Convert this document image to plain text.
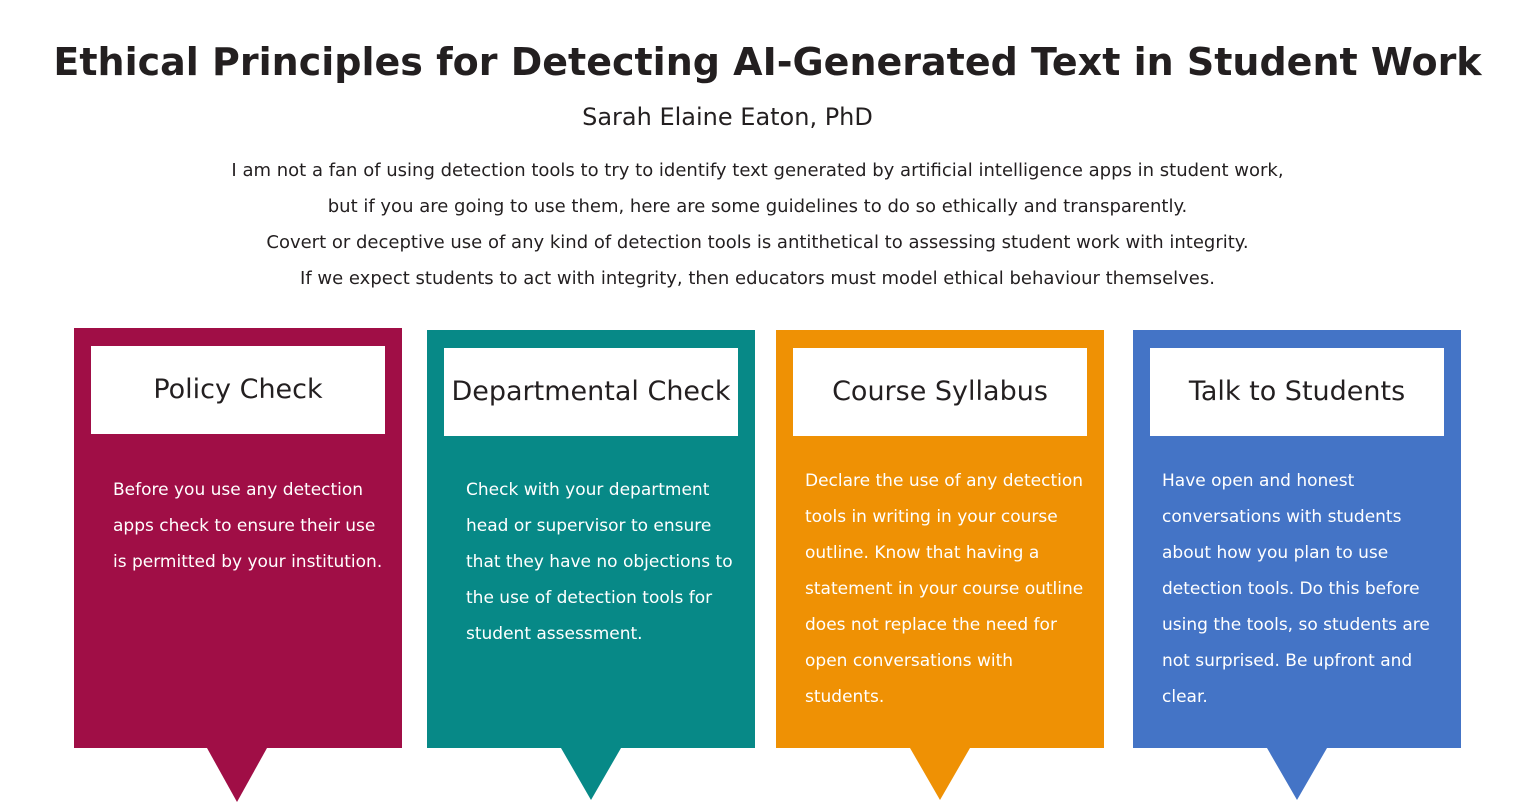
Ethical Principles for Detecting AI-Generated Text in Student Work
Sarah Elaine Eaton, PhD
I am not a fan of using detection tools to try to identify text generated by artificial intelligence apps in student work,
but if you are going to use them, here are some guidelines to do so ethically and transparently.
Covert or deceptive use of any kind of detection tools is antithetical to assessing student work with integrity.
If we expect students to act with integrity, then educators must model ethical behaviour themselves.
Policy Check
Before you use any detection apps check to ensure their use is permitted by your institution.
Departmental Check
Check with your department head or supervisor to ensure that they have no objections to the use of detection tools for student assessment.
Course Syllabus
Declare the use of any detection tools in writing in your course outline. Know that having a statement in your course outline does not replace the need for open conversations with students.
Talk to Students
Have open and honest conversations with students about how you plan to use detection tools. Do this before using the tools, so students are not surprised. Be upfront and clear.
